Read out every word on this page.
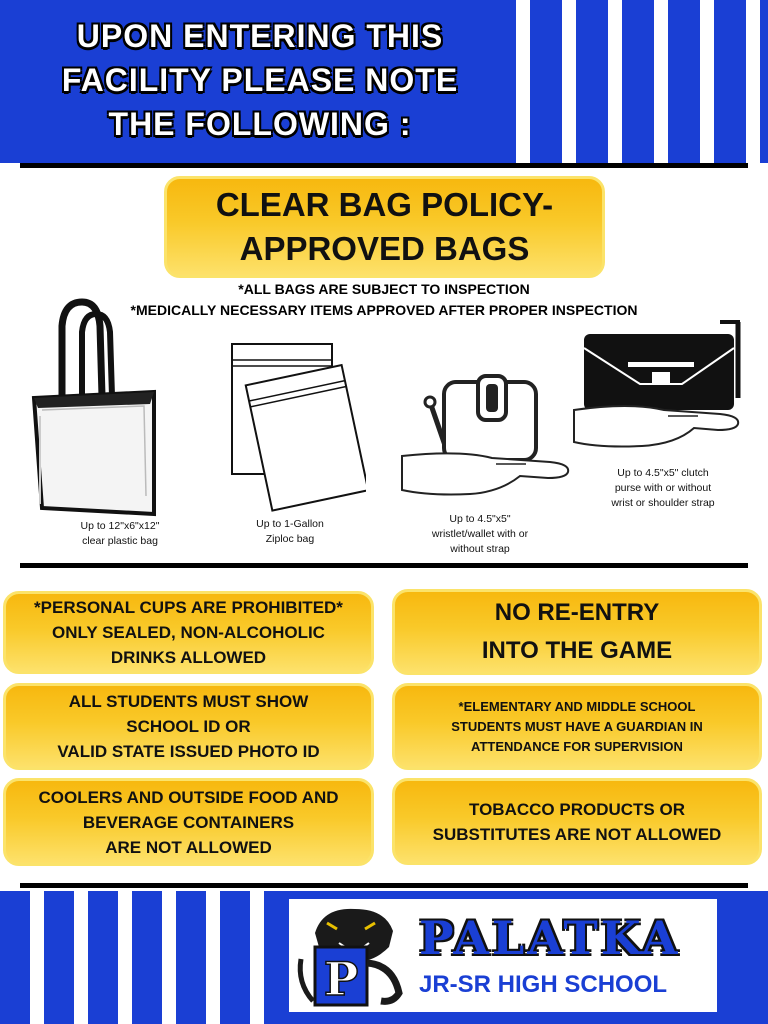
UPON ENTERING THIS
FACILITY PLEASE NOTE
THE FOLLOWING :
CLEAR BAG POLICY-
APPROVED BAGS
*ALL BAGS ARE SUBJECT TO INSPECTION
*MEDICALLY NECESSARY ITEMS APPROVED AFTER PROPER INSPECTION
Up to 12"x6"x12"
clear plastic bag
Up to 1-Gallon
Ziploc bag
Up to 4.5"x5"
wristlet/wallet with or
without strap
Up to 4.5"x5" clutch
purse with or without
wrist or shoulder strap
*PERSONAL CUPS ARE PROHIBITED*
ONLY SEALED, NON-ALCOHOLIC
DRINKS ALLOWED
NO RE-ENTRY
INTO THE GAME
ALL STUDENTS MUST SHOW
SCHOOL ID OR
VALID STATE ISSUED PHOTO ID
*ELEMENTARY AND MIDDLE SCHOOL
STUDENTS MUST HAVE A GUARDIAN IN
ATTENDANCE FOR SUPERVISION
COOLERS AND OUTSIDE FOOD AND
BEVERAGE CONTAINERS
ARE NOT ALLOWED
TOBACCO PRODUCTS OR
SUBSTITUTES ARE NOT ALLOWED
P
PALATKA
JR-SR HIGH SCHOOL
